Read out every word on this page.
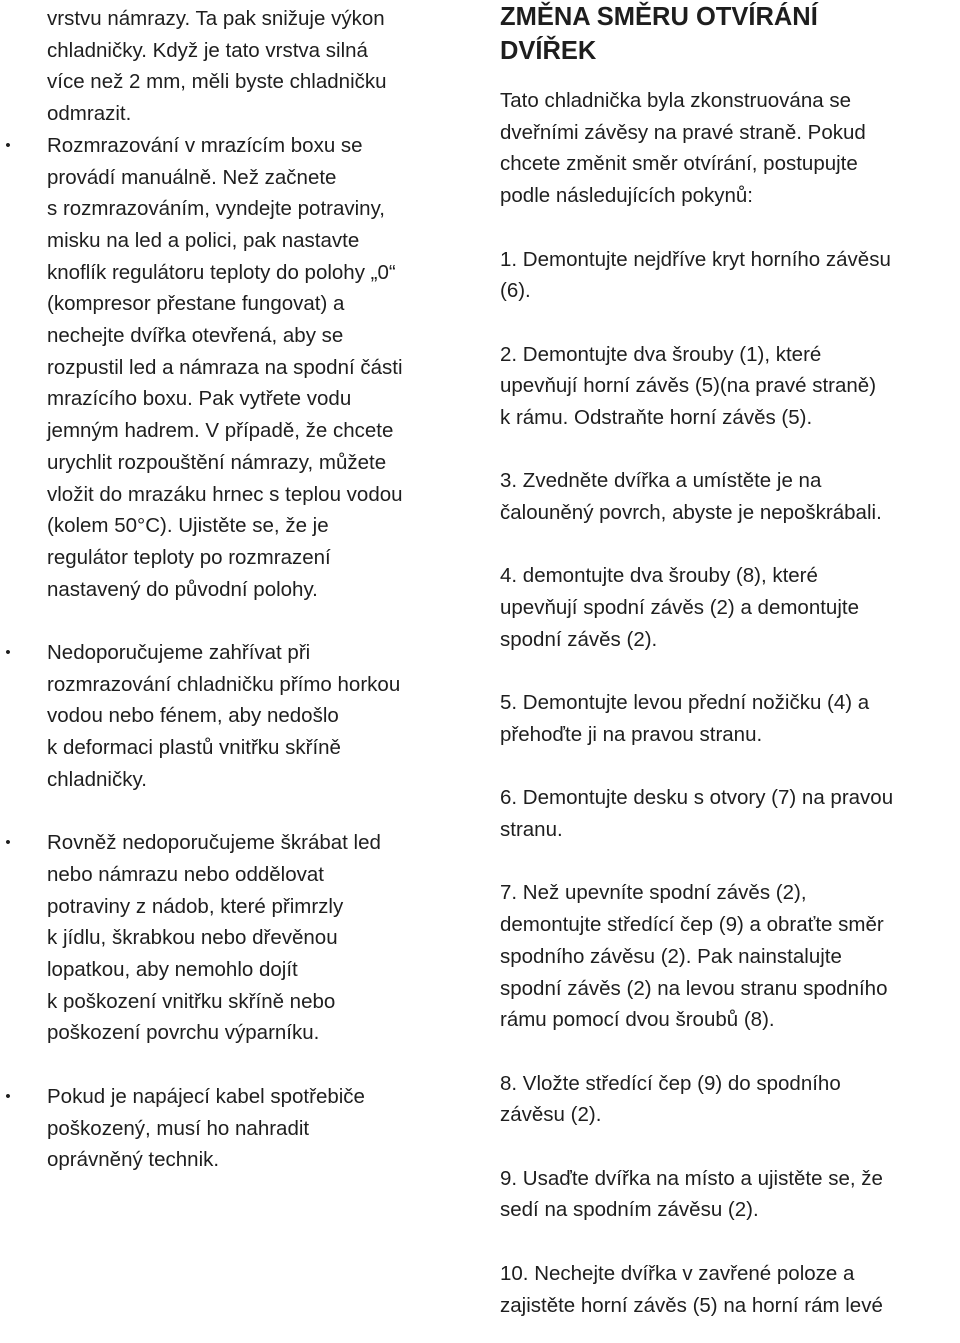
vrstvu námrazy. Ta pak snižuje výkon
chladničky. Když je tato vrstva silná
více než 2 mm, měli byste chladničku
odmrazit.

• Rozmrazování v mrazícím boxu se
provádí manuálně. Než začnete
s rozmrazováním, vyndejte potraviny,
misku na led a polici, pak nastavte
knoflík regulátoru teploty do polohy „0“
(kompresor přestane fungovat) a
nechejte dvířka otevřená, aby se
rozpustil led a námraza na spodní části
mrazícího boxu. Pak vytřete vodu
jemným hadrem. V případě, že chcete
urychlit rozpouštění námrazy, můžete
vložit do mrazáku hrnec s teplou vodou
(kolem 50°C). Ujistěte se, že je
regulátor teploty po rozmrazení
nastavený do původní polohy.

• Nedoporučujeme zahřívat při
rozmrazování chladničku přímo horkou
vodou nebo fénem, aby nedošlo
k deformaci plastů vnitřku skříně
chladničky.

• Rovněž nedoporučujeme škrábat led
nebo námrazu nebo oddělovat
potraviny z nádob, které přimrzly
k jídlu, škrabkou nebo dřevěnou
lopatkou, aby nemohlo dojít
k poškození vnitřku skříně nebo
poškození povrchu výparníku.

• Pokud je napájecí kabel spotřebiče
poškozený, musí ho nahradit
oprávněný technik.

ZMĚNA SMĚRU OTVÍRÁNÍ
DVÍŘEK

Tato chladnička byla zkonstruována se
dveřními závěsy na pravé straně. Pokud
chcete změnit směr otvírání, postupujte
podle následujících pokynů:

1. Demontujte nejdříve kryt horního závěsu
(6).

2. Demontujte dva šrouby (1), které
upevňují horní závěs (5)(na pravé straně)
k rámu. Odstraňte horní závěs (5).

3. Zvedněte dvířka a umístěte je na
čalouněný povrch, abyste je nepoškrábali.

4. demontujte dva šrouby (8), které
upevňují spodní závěs (2) a demontujte
spodní závěs (2).

5. Demontujte levou přední nožičku (4) a
přehoďte ji na pravou stranu.

6. Demontujte desku s otvory (7) na pravou
stranu.

7. Než upevníte spodní závěs (2),
demontujte středící čep (9) a obraťte směr
spodního závěsu (2). Pak nainstalujte
spodní závěs (2) na levou stranu spodního
rámu pomocí dvou šroubů (8).

8. Vložte středící čep (9) do spodního
závěsu (2).

9. Usaďte dvířka na místo a ujistěte se, že
sedí na spodním závěsu (2).

10. Nechejte dvířka v zavřené poloze a
zajistěte horní závěs (5) na horní rám levé
